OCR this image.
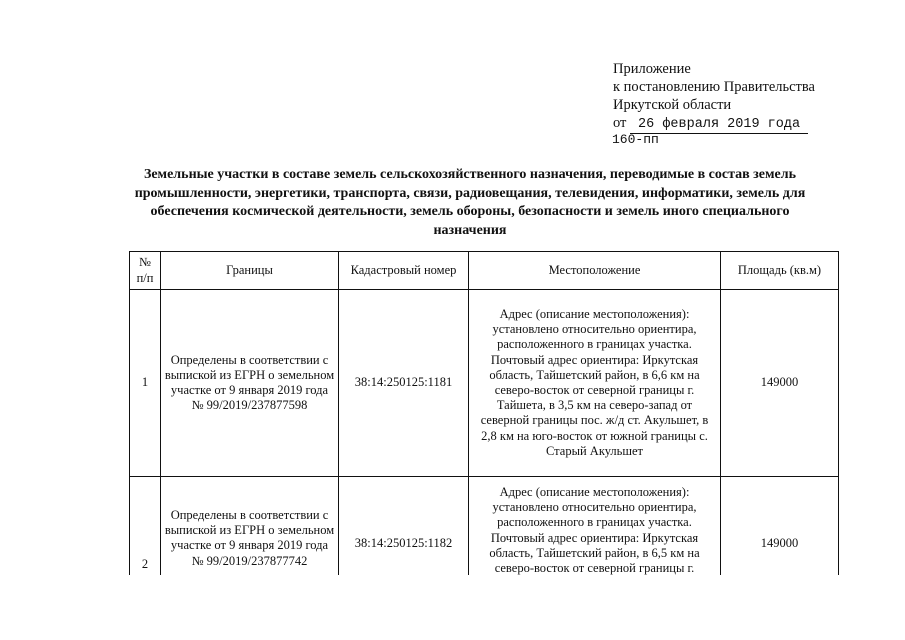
Приложение
к постановлению Правительства
Иркутской области
от 26 февраля 2019 года
160-пп
Земельные участки в составе земель сельскохозяйственного назначения, переводимые в состав земель промышленности, энергетики, транспорта, связи, радиовещания, телевидения, информатики, земель для обеспечения космической деятельности, земель обороны, безопасности и земель иного специального назначения
№ п/п	Границы	Кадастровый номер	Местоположение	Площадь (кв.м)
1	Определены в соответствии с выпиской из ЕГРН о земельном участке от 9 января 2019 года № 99/2019/237877598	38:14:250125:1181	Адрес (описание местоположения): установлено относительно ориентира, расположенного в границах участка. Почтовый адрес ориентира: Иркутская область, Тайшетский район, в 6,6 км на северо-восток от северной границы г. Тайшета, в 3,5 км на северо-запад от северной границы пос. ж/д ст. Акульшет, в 2,8 км на юго-восток от южной границы с. Старый Акульшет	149000
2	Определены в соответствии с выпиской из ЕГРН о земельном участке от 9 января 2019 года № 99/2019/237877742	38:14:250125:1182	Адрес (описание местоположения): установлено относительно ориентира, расположенного в границах участка. Почтовый адрес ориентира: Иркутская область, Тайшетский район, в 6,5 км на северо-восток от северной границы г.	149000
